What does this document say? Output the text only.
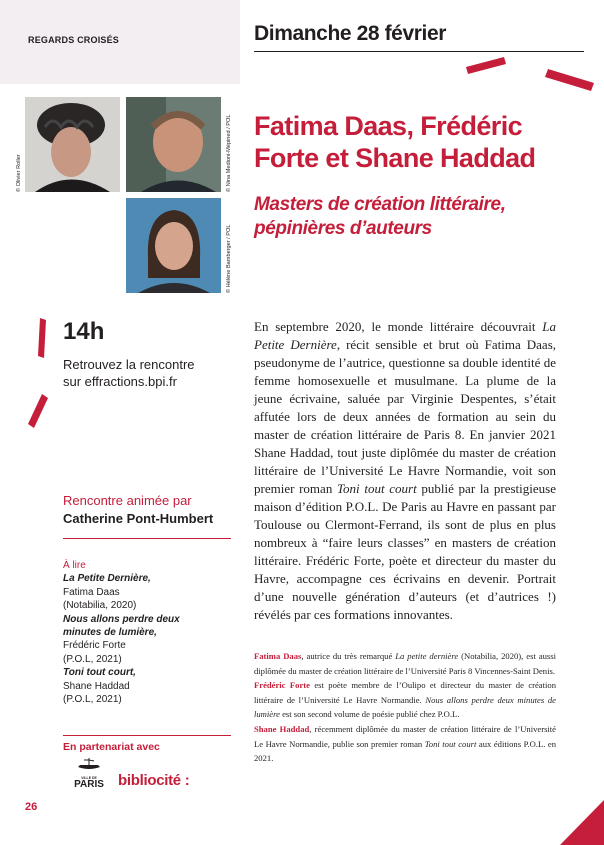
REGARDS CROISÉS	Dimanche 28 février
© Olivier Roller	© Nina Medioni-Mépined / POL
© Hélène Bamberger / POL
Fatima Daas, Frédéric
Forte et Shane Haddad
Masters de création littéraire,
pépinières d’auteurs
14h
Retrouvez la rencontre
sur effractions.bpi.fr
Rencontre animée par
Catherine Pont-Humbert
À lire
La Petite Dernière,
Fatima Daas
(Notabilia, 2020)
Nous allons perdre deux
minutes de lumière,
Frédéric Forte
(P.O.L, 2021)
Toni tout court,
Shane Haddad
(P.O.L, 2021)
En partenariat avec
VILLE DE
PARIS bibliocité :
En septembre 2020, le monde littéraire découvrait La Petite Dernière, récit sensible et brut où Fatima Daas, pseudonyme de l’autrice, questionne sa double identité de femme homosexuelle et musulmane. La plume de la jeune écrivaine, saluée par Virginie Despentes, s’était affutée lors de deux années de formation au sein du master de création littéraire de Paris 8. En janvier 2021 Shane Haddad, tout juste diplômée du master de création littéraire de l’Université Le Havre Normandie, voit son premier roman Toni tout court publié par la prestigieuse maison d’édition P.O.L. De Paris au Havre en passant par Toulouse ou Clermont-Ferrand, ils sont de plus en plus nombreux à “faire leurs classes” en masters de création littéraire. Frédéric Forte, poète et directeur du master du Havre, accompagne ces écrivains en devenir. Portrait d’une nouvelle génération d’auteurs (et d’autrices !) révélés par ces formations innovantes.

Fatima Daas, autrice du très remarqué La petite dernière (Notabilia, 2020), est aussi diplômée du master de création littéraire de l’Université Paris 8 Vincennes-Saint Denis.

Frédéric Forte est poète membre de l’Oulipo et directeur du master de création littéraire de l’Université Le Havre Normandie. Nous allons perdre deux minutes de lumière est son second volume de poésie publié chez P.O.L.

Shane Haddad, récemment diplômée du master de création littéraire de l’Université Le Havre Normandie, publie son premier roman Toni tout court aux éditions P.O.L. en 2021.

26
